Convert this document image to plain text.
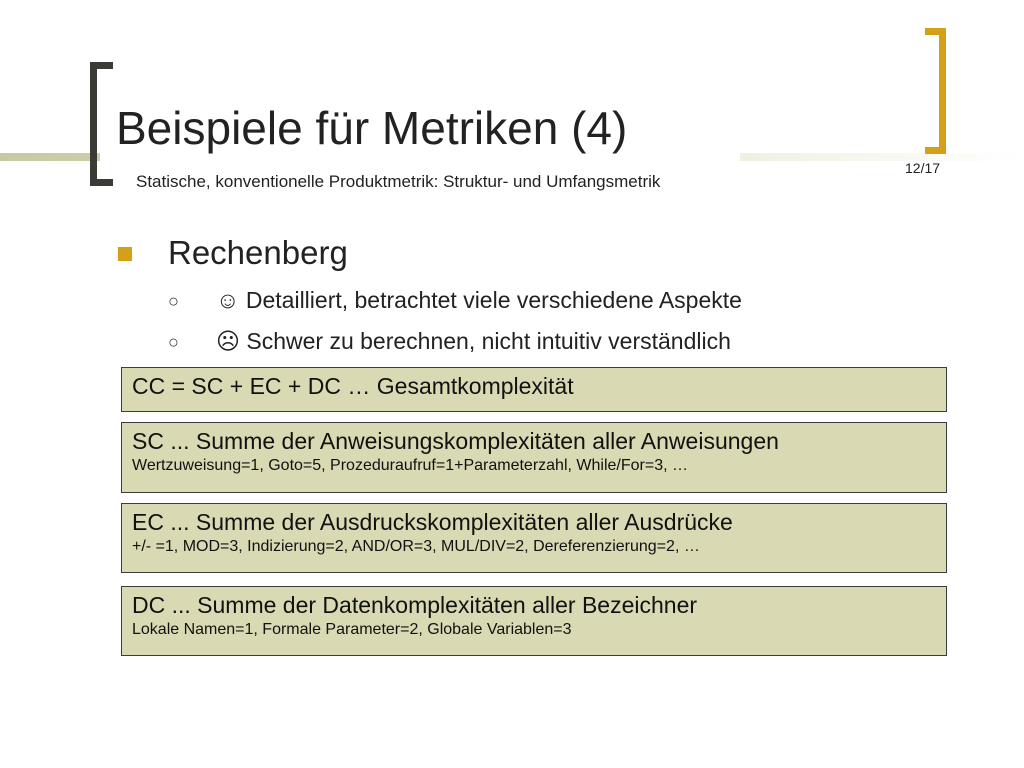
Beispiele für Metriken (4)
Statische, konventionelle Produktmetrik: Struktur- und Umfangsmetrik
12/17
Rechenberg
○ ☺ Detailliert, betrachtet viele verschiedene Aspekte
○ ☹ Schwer zu berechnen, nicht intuitiv verständlich
CC = SC + EC + DC … Gesamtkomplexität
SC ... Summe der Anweisungskomplexitäten aller Anweisungen
Wertzuweisung=1, Goto=5, Prozeduraufruf=1+Parameterzahl, While/For=3, …
EC ... Summe der Ausdruckskomplexitäten aller Ausdrücke
+/- =1, MOD=3, Indizierung=2, AND/OR=3, MUL/DIV=2, Dereferenzierung=2, …
DC ... Summe der Datenkomplexitäten aller Bezeichner
Lokale Namen=1, Formale Parameter=2, Globale Variablen=3
